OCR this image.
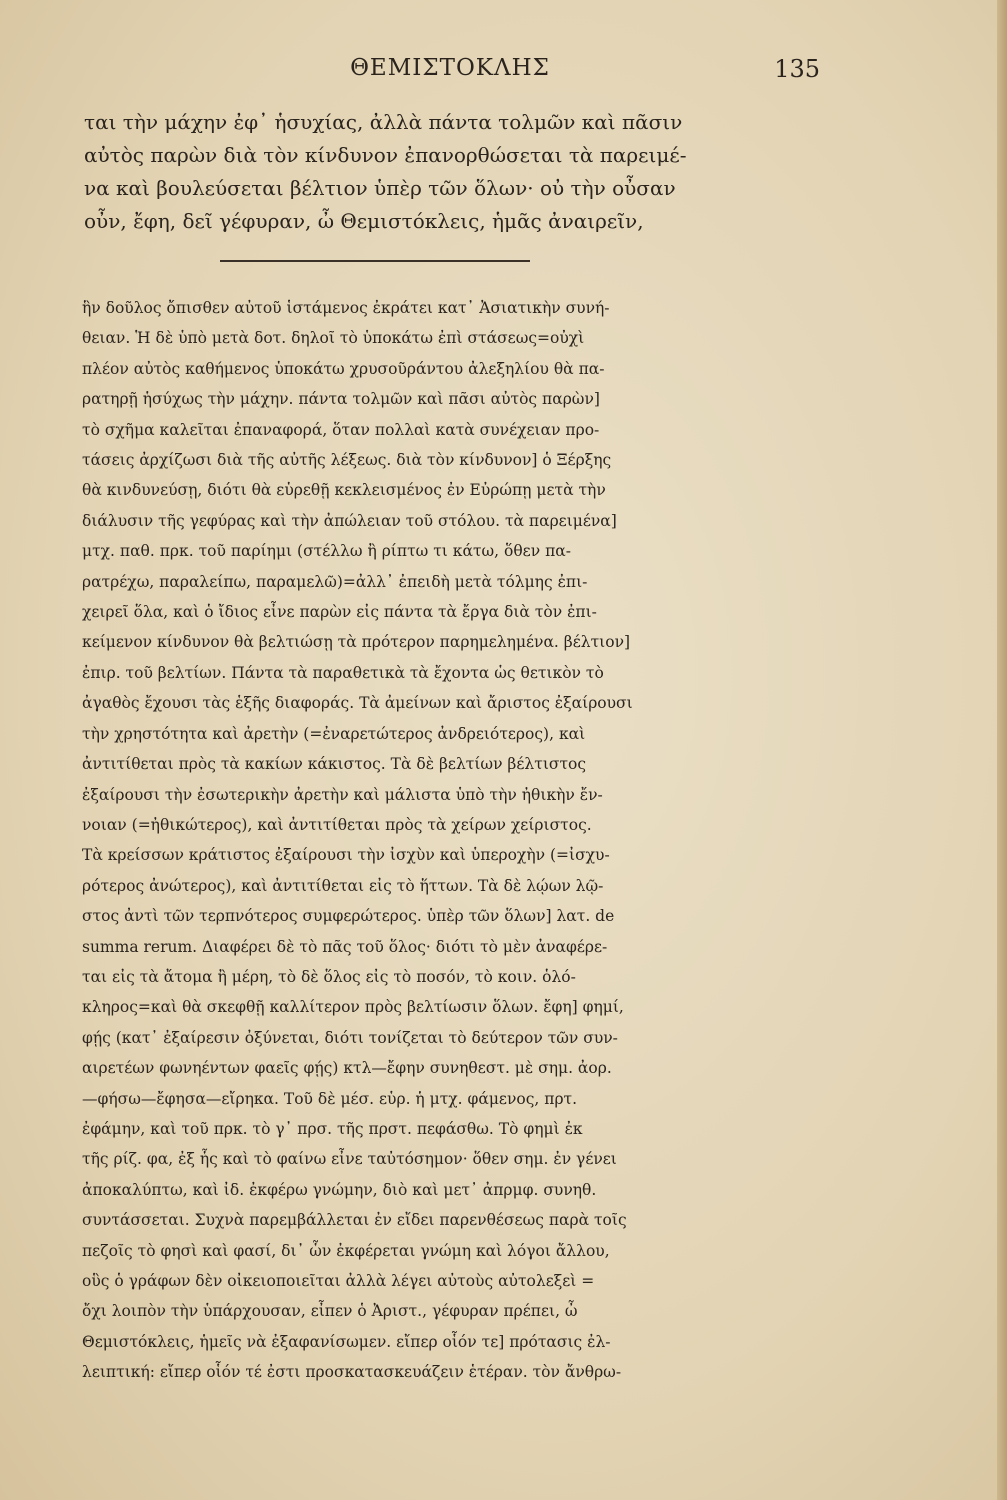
ΘΕΜΙΣΤΟΚΛΗΣ	135
ται τὴν μάχην ἐφ᾽ ἡσυχίας, ἀλλὰ πάντα τολμῶν καὶ πᾶσιν
αὐτὸς παρὼν διὰ τὸν κίνδυνον ἐπανορθώσεται τὰ παρειμέ-
να καὶ βουλεύσεται βέλτιον ὑπὲρ τῶν ὅλων· οὐ τὴν οὖσαν
οὖν, ἔφη, δεῖ γέφυραν, ὦ Θεμιστόκλεις, ἡμᾶς ἀναιρεῖν,
ἣν δοῦλος ὄπισθεν αὐτοῦ ἱστάμενος ἐκράτει κατ᾽ Ἀσιατικὴν συνή-
θειαν. Ἡ δὲ ὑπὸ μετὰ δοτ. δηλοῖ τὸ ὑποκάτω ἐπὶ στάσεως=οὐχὶ
πλέον αὐτὸς καθήμενος ὑποκάτω χρυσοῦράντου ἀλεξηλίου θὰ πα-
ρατηρῇ ἡσύχως τὴν μάχην. πάντα τολμῶν καὶ πᾶσι αὐτὸς παρὼν]
τὸ σχῆμα καλεῖται ἐπαναφορά, ὅταν πολλαὶ κατὰ συνέχειαν προ-
τάσεις ἀρχίζωσι διὰ τῆς αὐτῆς λέξεως. διὰ τὸν κίνδυνον] ὁ Ξέρξης
θὰ κινδυνεύσῃ, διότι θὰ εὑρεθῇ κεκλεισμένος ἐν Εὐρώπῃ μετὰ τὴν
διάλυσιν τῆς γεφύρας καὶ τὴν ἀπώλειαν τοῦ στόλου. τὰ παρειμένα]
μτχ. παθ. πρκ. τοῦ παρίημι (στέλλω ἢ ρίπτω τι κάτω, ὅθεν πα-
ρατρέχω, παραλείπω, παραμελῶ)=ἀλλ᾽ ἐπειδὴ μετὰ τόλμης ἐπι-
χειρεῖ ὅλα, καὶ ὁ ἴδιος εἶνε παρὼν εἰς πάντα τὰ ἔργα διὰ τὸν ἐπι-
κείμενον κίνδυνον θὰ βελτιώσῃ τὰ πρότερον παρημελημένα. βέλτιον]
ἐπιρ. τοῦ βελτίων. Πάντα τὰ παραθετικὰ τὰ ἔχοντα ὡς θετικὸν τὸ
ἀγαθὸς ἔχουσι τὰς ἑξῆς διαφοράς. Τὰ ἀμείνων καὶ ἄριστος ἐξαίρουσι
τὴν χρηστότητα καὶ ἀρετὴν (=ἐναρετώτερος ἀνδρειότερος), καὶ
ἀντιτίθεται πρὸς τὰ κακίων κάκιστος. Τὰ δὲ βελτίων βέλτιστος
ἐξαίρουσι τὴν ἐσωτερικὴν ἀρετὴν καὶ μάλιστα ὑπὸ τὴν ἠθικὴν ἔν-
νοιαν (=ἠθικώτερος), καὶ ἀντιτίθεται πρὸς τὰ χείρων χείριστος.
Τὰ κρείσσων κράτιστος ἐξαίρουσι τὴν ἰσχὺν καὶ ὑπεροχὴν (=ἰσχυ-
ρότερος ἀνώτερος), καὶ ἀντιτίθεται εἰς τὸ ἥττων. Τὰ δὲ λῴων λῷ-
στος ἀντὶ τῶν τερπνότερος συμφερώτερος. ὑπὲρ τῶν ὅλων] λατ. de
summa rerum. Διαφέρει δὲ τὸ πᾶς τοῦ ὅλος· διότι τὸ μὲν ἀναφέρε-
ται εἰς τὰ ἄτομα ἢ μέρη, τὸ δὲ ὅλος εἰς τὸ ποσόν, τὸ κοιν. ὁλό-
κληρος=καὶ θὰ σκεφθῇ καλλίτερον πρὸς βελτίωσιν ὅλων. ἔφη] φημί,
φῄς (κατ᾽ ἐξαίρεσιν ὀξύνεται, διότι τονίζεται τὸ δεύτερον τῶν συν-
αιρετέων φωνηέντων φαεῖς φῄς) κτλ—ἔφην συνηθεστ. μὲ σημ. ἀορ.
—φήσω—ἔφησα—εἴρηκα. Τοῦ δὲ μέσ. εὑρ. ἡ μτχ. φάμενος, πρτ.
ἐφάμην, καὶ τοῦ πρκ. τὸ γ᾽ πρσ. τῆς πρστ. πεφάσθω. Τὸ φημὶ ἐκ
τῆς ρίζ. φα, ἐξ ἧς καὶ τὸ φαίνω εἶνε ταὐτόσημον· ὅθεν σημ. ἐν γένει
ἀποκαλύπτω, καὶ ἰδ. ἐκφέρω γνώμην, διὸ καὶ μετ᾽ ἀπρμφ. συνηθ.
συντάσσεται. Συχνὰ παρεμβάλλεται ἐν εἴδει παρενθέσεως παρὰ τοῖς
πεζοῖς τὸ φησὶ καὶ φασί, δι᾽ ὧν ἐκφέρεται γνώμη καὶ λόγοι ἄλλου,
οὓς ὁ γράφων δὲν οἰκειοποιεῖται ἀλλὰ λέγει αὐτοὺς αὐτολεξεὶ =
ὄχι λοιπὸν τὴν ὑπάρχουσαν, εἶπεν ὁ Ἀριστ., γέφυραν πρέπει, ὦ
Θεμιστόκλεις, ἡμεῖς νὰ ἐξαφανίσωμεν. εἴπερ οἷόν τε] πρότασις ἐλ-
λειπτική: εἴπερ οἷόν τέ ἐστι προσκατασκευάζειν ἑτέραν. τὸν ἄνθρω-
